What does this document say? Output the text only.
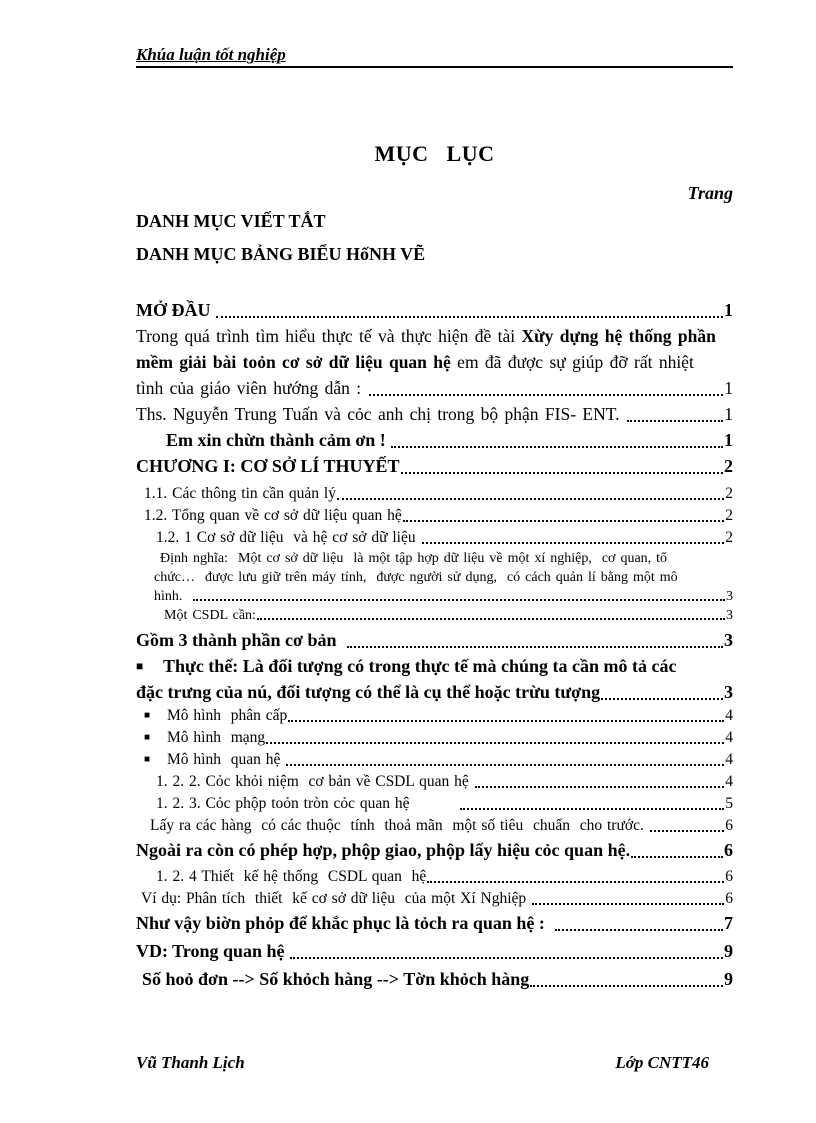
Khúa luận tốt nghiệp
MỤC LỤC
Trang
DANH MỤC VIẾT TẮT
DANH MỤC BẢNG BIỂU HốNH VẼ
MỞ ĐẦU	1
Trong quá trình tìm hiểu thực tế và thực hiện đề tài Xừy dựng hệ thống phần
mềm giải bài toỏn cơ sở dữ liệu quan hệ em đã được sự giúp đỡ rất nhiệt
tình của giáo viên hướng dẫn :	1
Ths. Nguyễn Trung Tuấn và cỏc anh chị trong bộ phận FIS- ENT.	1
Em xin chừn thành cảm ơn !	1
CHƯƠNG I: CƠ SỞ LÍ THUYẾT	2
1.1. Các thông tin cần quản lý	2
1.2. Tổng quan về cơ sở dữ liệu quan hệ	2
1.2. 1 Cơ sở dữ liệu  và hệ cơ sở dữ liệu	2
Định nghĩa:  Một cơ sở dữ liệu  là một tập hợp dữ liệu về một xí nghiệp,  cơ quan, tổ
chức…  được lưu giữ trên máy tính,  được người sử dụng,  có cách quản lí bằng một mô
hình.	3
Một CSDL cần:	3
Gồm 3 thành phần cơ bản	3
■	Thực thể: Là đối tượng có trong thực tế mà chúng ta cần mô tả các
đặc trưng của nú, đối tượng có thể là cụ thể hoặc trừu tượng	3
■	Mô hình  phân cấp	4
■	Mô hình  mạng	4
■	Mô hình  quan hệ	4
1. 2. 2. Cỏc khỏi niệm  cơ bản về CSDL quan hệ	4
1. 2. 3. Cỏc phộp toỏn tròn cỏc quan hệ	5
Lấy ra các hàng  có các thuộc  tính  thoả mãn  một số tiêu  chuẩn  cho trước.	6
Ngoài ra còn có phép hợp, phộp giao, phộp lấy hiệu cỏc quan hệ.	6
1. 2. 4 Thiết  kế hệ thống  CSDL quan  hệ	6
Ví dụ: Phân tích  thiết  kế cơ sở dữ liệu  của một Xí Nghiệp	6
Như vậy biờn phỏp để khắc phục là tỏch ra quan hệ :	7
VD: Trong quan hệ	9
Số hoỏ đơn --> Số khỏch hàng --> Tờn khỏch hàng	9
Vũ Thanh Lịch	Lớp CNTT46
